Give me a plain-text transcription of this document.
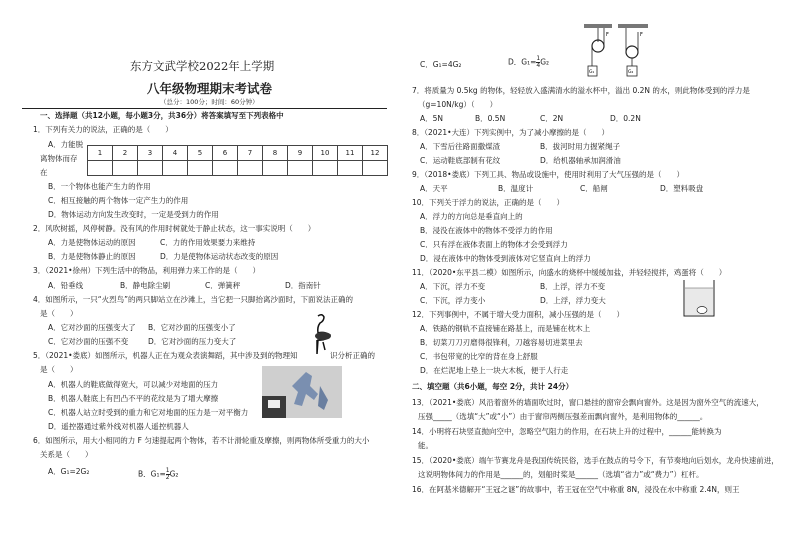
东方文武学校2022年上学期
八年级物理期末考试卷
（总分：100分；时间：60分钟）
一、选择题（共12小题，每小题3分，共36分）将答案填写至下列表格中
1．下列有关力的说法，正确的是（　　）
1	2	3	4	5	6	7	8	9	10	11	12

A．力能脱
离物体而存
在
B．一个物体也能产生力的作用
C．相互接触的两个物体一定产生力的作用
D．物体运动方向发生改变时，一定是受到力的作用
2．风吹树摇，风停树静。没有风的作用时树就处于静止状态，这一事实说明（　　）
A．力是使物体运动的原因	C．力的作用效果要力来维持
B．力是使物体静止的原因	D．力是使物体运动状态改变的原因
3．（2021•徐州）下列生活中的物品，利用弹力来工作的是（　　）
A．铅垂线	B．静电除尘刷	C．弹簧秤	D．指南针
4．如图所示，一只“火烈鸟”的两只脚站立在沙滩上，当它把一只脚抬离沙面时，下面说法正确的
是（　　）
A．它对沙面的压强变大了 B．它对沙面的压强变小了
C．它对沙面的压强不变	D．它对沙面的压力变大了
5．（2021•娄底）如图所示，机器人正在为观众表演舞蹈，其中涉及到的物理知	识分析正确的
是（　　）
A．机器人的鞋底做得宽大，可以减少对地面的压力
B．机器人鞋底上有凹凸不平的花纹是为了增大摩擦
C．机器人站立时受到的重力和它对地面的压力是一对平衡力
D．遥控器通过紫外线对机器人遥控机器人
6．如图所示，用大小相同的力 F 匀速提起两个物体，若不计滑轮重及摩擦，则两物体所受重力的大小
关系是（　　）
A．G₁=2G₂	B．$G_1= \frac{1}{2} G_2$
C．G₁=4G₂	D．$G_1= \frac{1}{4} G_2$
F	F
G₁	G₂
7．将质量为 0.5kg 的物体，轻轻放入盛满清水的溢水杯中，溢出 0.2N 的水，则此物体受到的浮力是
（g=10N/kg）（　　）
A．5N	B．0.5N	C．2N	D．0.2N
8．（2021•大连）下列实例中，为了减小摩擦的是（　　）
A．下雪后往路面撒煤渣	B．拔河时用力握紧绳子
C．运动鞋底部制有花纹	D．给机器轴承加润滑油
9．（2018•娄底）下列工具、物品或设施中，使用时利用了大气压强的是（　　）
A．天平	B．温度计	C．船闸	D．塑料吸盘
10．下列关于浮力的说法，正确的是（　　）
A．浮力的方向总是垂直向上的
B．浸没在液体中的物体不受浮力的作用
C．只有浮在液体表面上的物体才会受到浮力
D．浸在液体中的物体受到液体对它竖直向上的浮力
11．（2020•东平县二模）如图所示，向盛水的烧杯中缓缓加盐，并轻轻搅拌，鸡蛋将（　　）
A．下沉，浮力不变	B．上浮，浮力不变
C．下沉，浮力变小	D．上浮，浮力变大
12．下列事例中，不属于增大受力面积，减小压强的是（　　）
A．铁路的钢轨不直接铺在路基上，而是铺在枕木上
B．切菜刀刀刃磨得很锋利，刀越容易切进菜里去
C．书包带宽的比窄的背在身上舒服
D．在烂泥地上垫上一块大木板，便于人行走
二、填空题（共6小题，每空 2分，共计 24分）
13．（2021•娄底）风沿着窗外的墙面吹过时，窗口悬挂的窗帘会飘向窗外。这是因为窗外空气的流速大，
压强_____（选填“大”或“小”）由于窗帘两侧压强差而飘向窗外，是利用物体的______。
14．小明将石块竖直抛向空中，忽略空气阻力的作用，在石块上升的过程中，______能转换为
能。
15．（2020•娄底）端午节赛龙舟是我国传统民俗，选手在鼓点的号令下，有节奏地向后划水，龙舟快速前进，
这说明物体间力的作用是______的，划船时桨是______（选填“省力”或“费力”）杠杆。
16．在阿基米德解开“王冠之谜”的故事中，若王冠在空气中称重 8N，浸没在水中称重 2.4N，则王
